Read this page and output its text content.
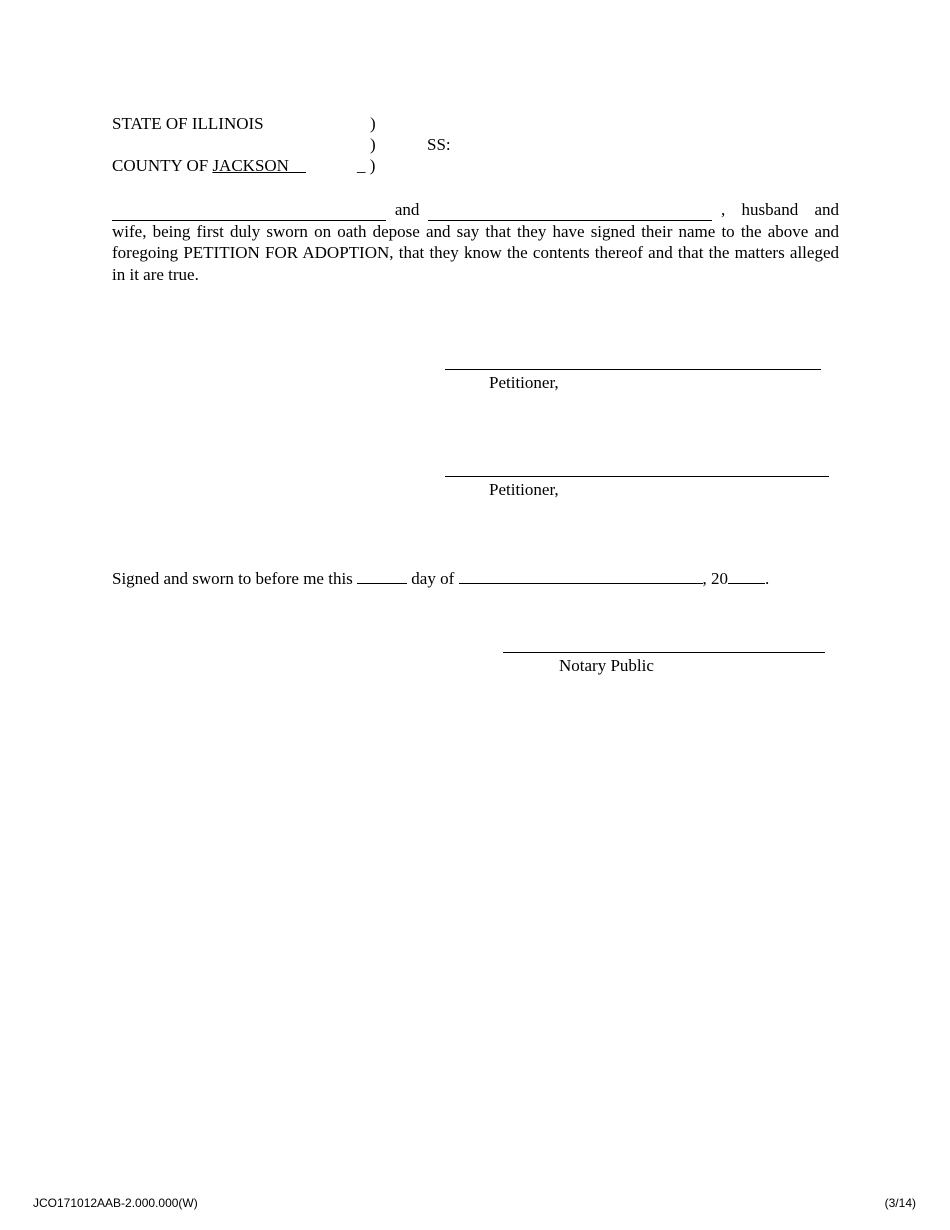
STATE OF ILLINOIS	)
)	SS:
COUNTY OF JACKSON	_ )
and	, husband and
wife, being first duly sworn on oath depose and say that they have signed their name to the above and foregoing PETITION FOR ADOPTION, that they know the contents thereof and that the matters alleged in it are true.
Petitioner,
Petitioner,
Signed and sworn to before me this	day of	, 20 .
Notary Public
JCO171012AAB-2.000.000(W)	(3/14)
